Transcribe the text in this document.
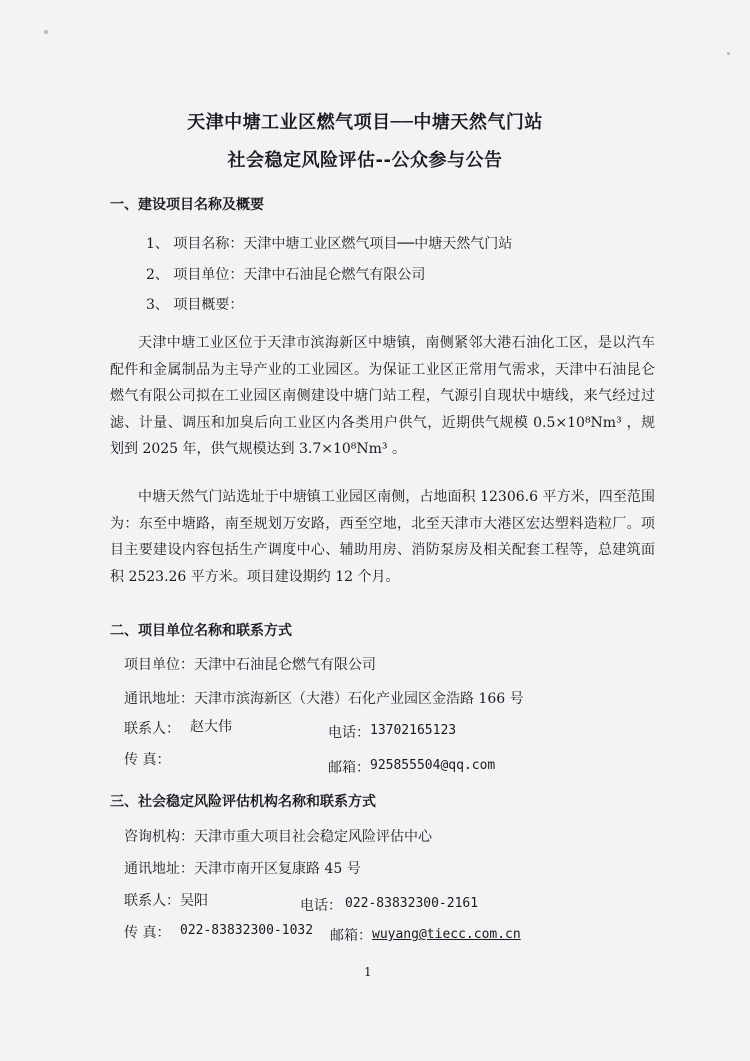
天津中塘工业区燃气项目──中塘天然气门站
社会稳定风险评估--公众参与公告
一、建设项目名称及概要
1、 项目名称：天津中塘工业区燃气项目──中塘天然气门站
2、 项目单位：天津中石油昆仑燃气有限公司
3、 项目概要：
天津中塘工业区位于天津市滨海新区中塘镇，南侧紧邻大港石油化工区，是以汽车配件和金属制品为主导产业的工业园区。为保证工业区正常用气需求，天津中石油昆仑燃气有限公司拟在工业园区南侧建设中塘门站工程，气源引自现状中塘线，来气经过过滤、计量、调压和加臭后向工业区内各类用户供气，近期供气规模 0.5×10⁸Nm³ ，规划到 2025 年，供气规模达到 3.7×10⁸Nm³ 。
中塘天然气门站选址于中塘镇工业园区南侧，占地面积 12306.6 平方米，四至范围为：东至中塘路，南至规划万安路，西至空地，北至天津市大港区宏达塑料造粒厂。项目主要建设内容包括生产调度中心、辅助用房、消防泵房及相关配套工程等，总建筑面积 2523.26 平方米。项目建设期约 12 个月。
二、项目单位名称和联系方式
项目单位：天津中石油昆仑燃气有限公司
通讯地址：天津市滨海新区（大港）石化产业园区金浩路 166 号
联系人： 赵大伟	电话： 13702165123
传 真：	邮箱： 925855504@qq.com
三、社会稳定风险评估机构名称和联系方式
咨询机构：天津市重大项目社会稳定风险评估中心
通讯地址：天津市南开区复康路 45 号
联系人：吴阳	电话： 022-83832300-2161
传 真： 022-83832300-1032 邮箱： wuyang@tiecc.com.cn
1
